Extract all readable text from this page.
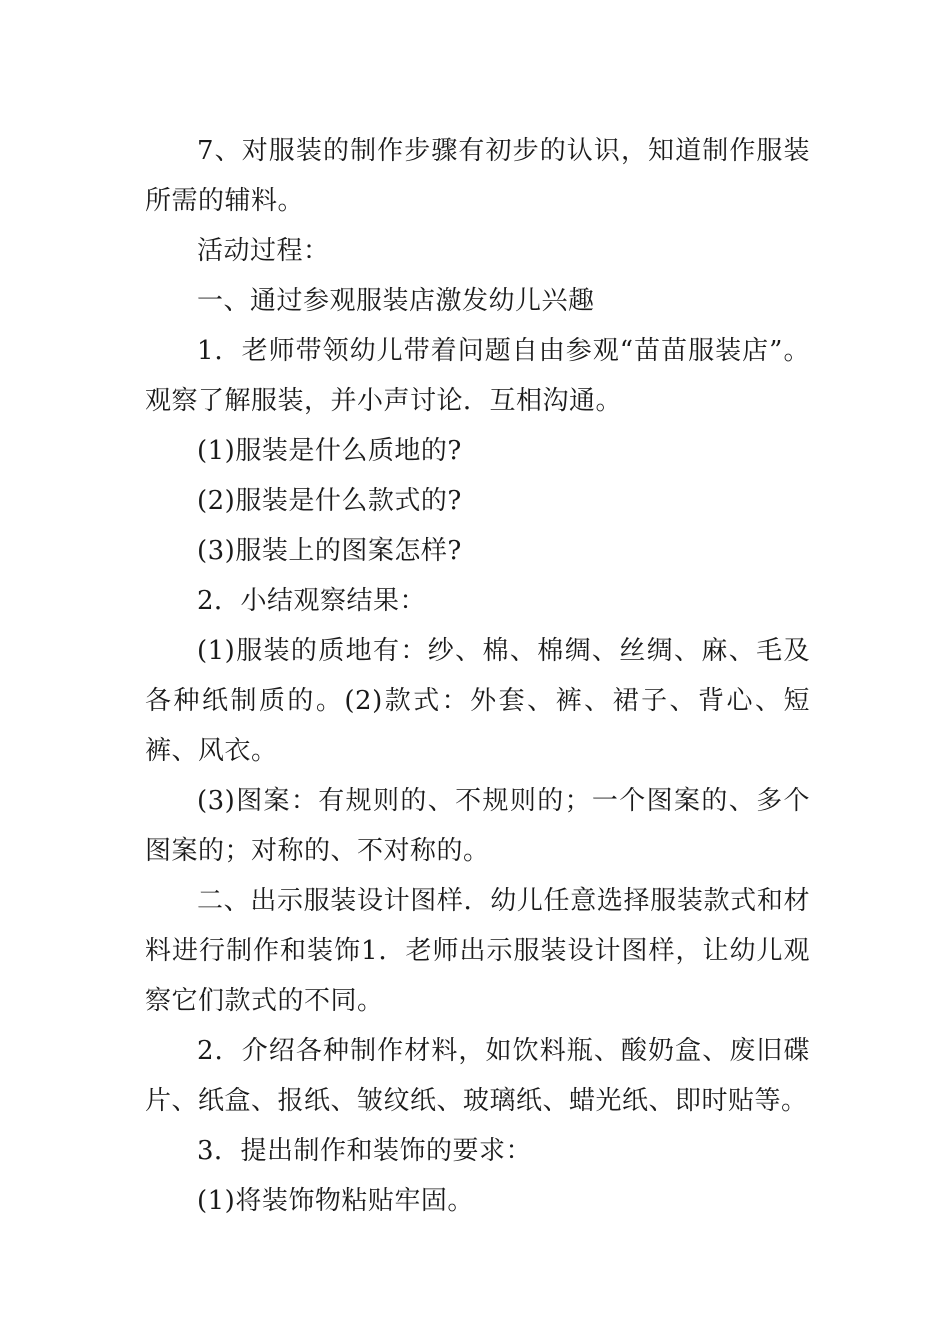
7、对服装的制作步骤有初步的认识，知道制作服装所需的辅料。

活动过程：

一、通过参观服装店激发幼儿兴趣

1．老师带领幼儿带着问题自由参观“苗苗服装店”。观察了解服装，并小声讨论．互相沟通。

(1)服装是什么质地的?

(2)服装是什么款式的?

(3)服装上的图案怎样?

2．小结观察结果：

(1)服装的质地有：纱、棉、棉绸、丝绸、麻、毛及各种纸制质的。(2)款式：外套、裤、裙子、背心、短裤、风衣。

(3)图案：有规则的、不规则的；一个图案的、多个图案的；对称的、不对称的。

二、出示服装设计图样．幼儿任意选择服装款式和材料进行制作和装饰1．老师出示服装设计图样，让幼儿观察它们款式的不同。

2．介绍各种制作材料，如饮料瓶、酸奶盒、废旧碟片、纸盒、报纸、皱纹纸、玻璃纸、蜡光纸、即时贴等。

3．提出制作和装饰的要求：

(1)将装饰物粘贴牢固。
